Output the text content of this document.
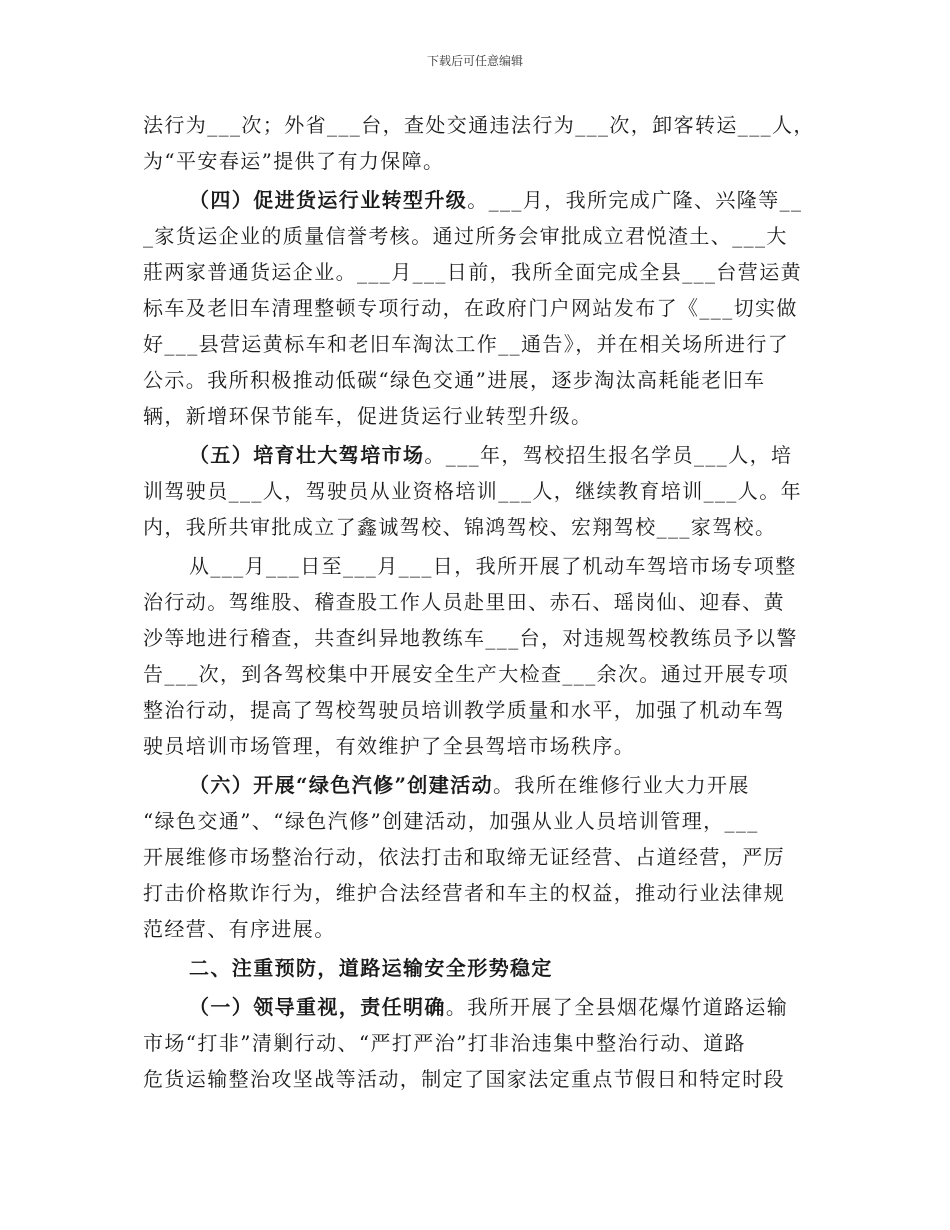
下载后可任意编辑
法行为___次；外省___台，查处交通违法行为___次，卸客转运___人，
为“平安春运”提供了有力保障。
（四）促进货运行业转型升级。___月，我所完成广隆、兴隆等__
_家货运企业的质量信誉考核。通过所务会审批成立君悦渣土、___大
莊两家普通货运企业。___月___日前，我所全面完成全县___台营运黄
标车及老旧车清理整顿专项行动，在政府门户网站发布了《___切实做
好___县营运黄标车和老旧车淘汰工作__通告》，并在相关场所进行了
公示。我所积极推动低碳“绿色交通”进展，逐步淘汰高耗能老旧车
辆，新增环保节能车，促进货运行业转型升级。
（五）培育壮大驾培市场。___年，驾校招生报名学员___人，培
训驾驶员___人，驾驶员从业资格培训___人，继续教育培训___人。年
内，我所共审批成立了鑫诚驾校、锦鸿驾校、宏翔驾校___家驾校。
从___月___日至___月___日，我所开展了机动车驾培市场专项整
治行动。驾维股、稽查股工作人员赴里田、赤石、瑶岗仙、迎春、黄
沙等地进行稽查，共查纠异地教练车___台，对违规驾校教练员予以警
告___次，到各驾校集中开展安全生产大检查___余次。通过开展专项
整治行动，提高了驾校驾驶员培训教学质量和水平，加强了机动车驾
驶员培训市场管理，有效维护了全县驾培市场秩序。
（六）开展“绿色汽修”创建活动。我所在维修行业大力开展
“绿色交通”、“绿色汽修”创建活动，加强从业人员培训管理，___
开展维修市场整治行动，依法打击和取缔无证经营、占道经营，严厉
打击价格欺诈行为，维护合法经营者和车主的权益，推动行业法律规
范经营、有序进展。
二、注重预防，道路运输安全形势稳定
（一）领导重视，责任明确。我所开展了全县烟花爆竹道路运输
市场“打非”清剿行动、“严打严治”打非治违集中整治行动、道路
危货运输整治攻坚战等活动，制定了国家法定重点节假日和特定时段
